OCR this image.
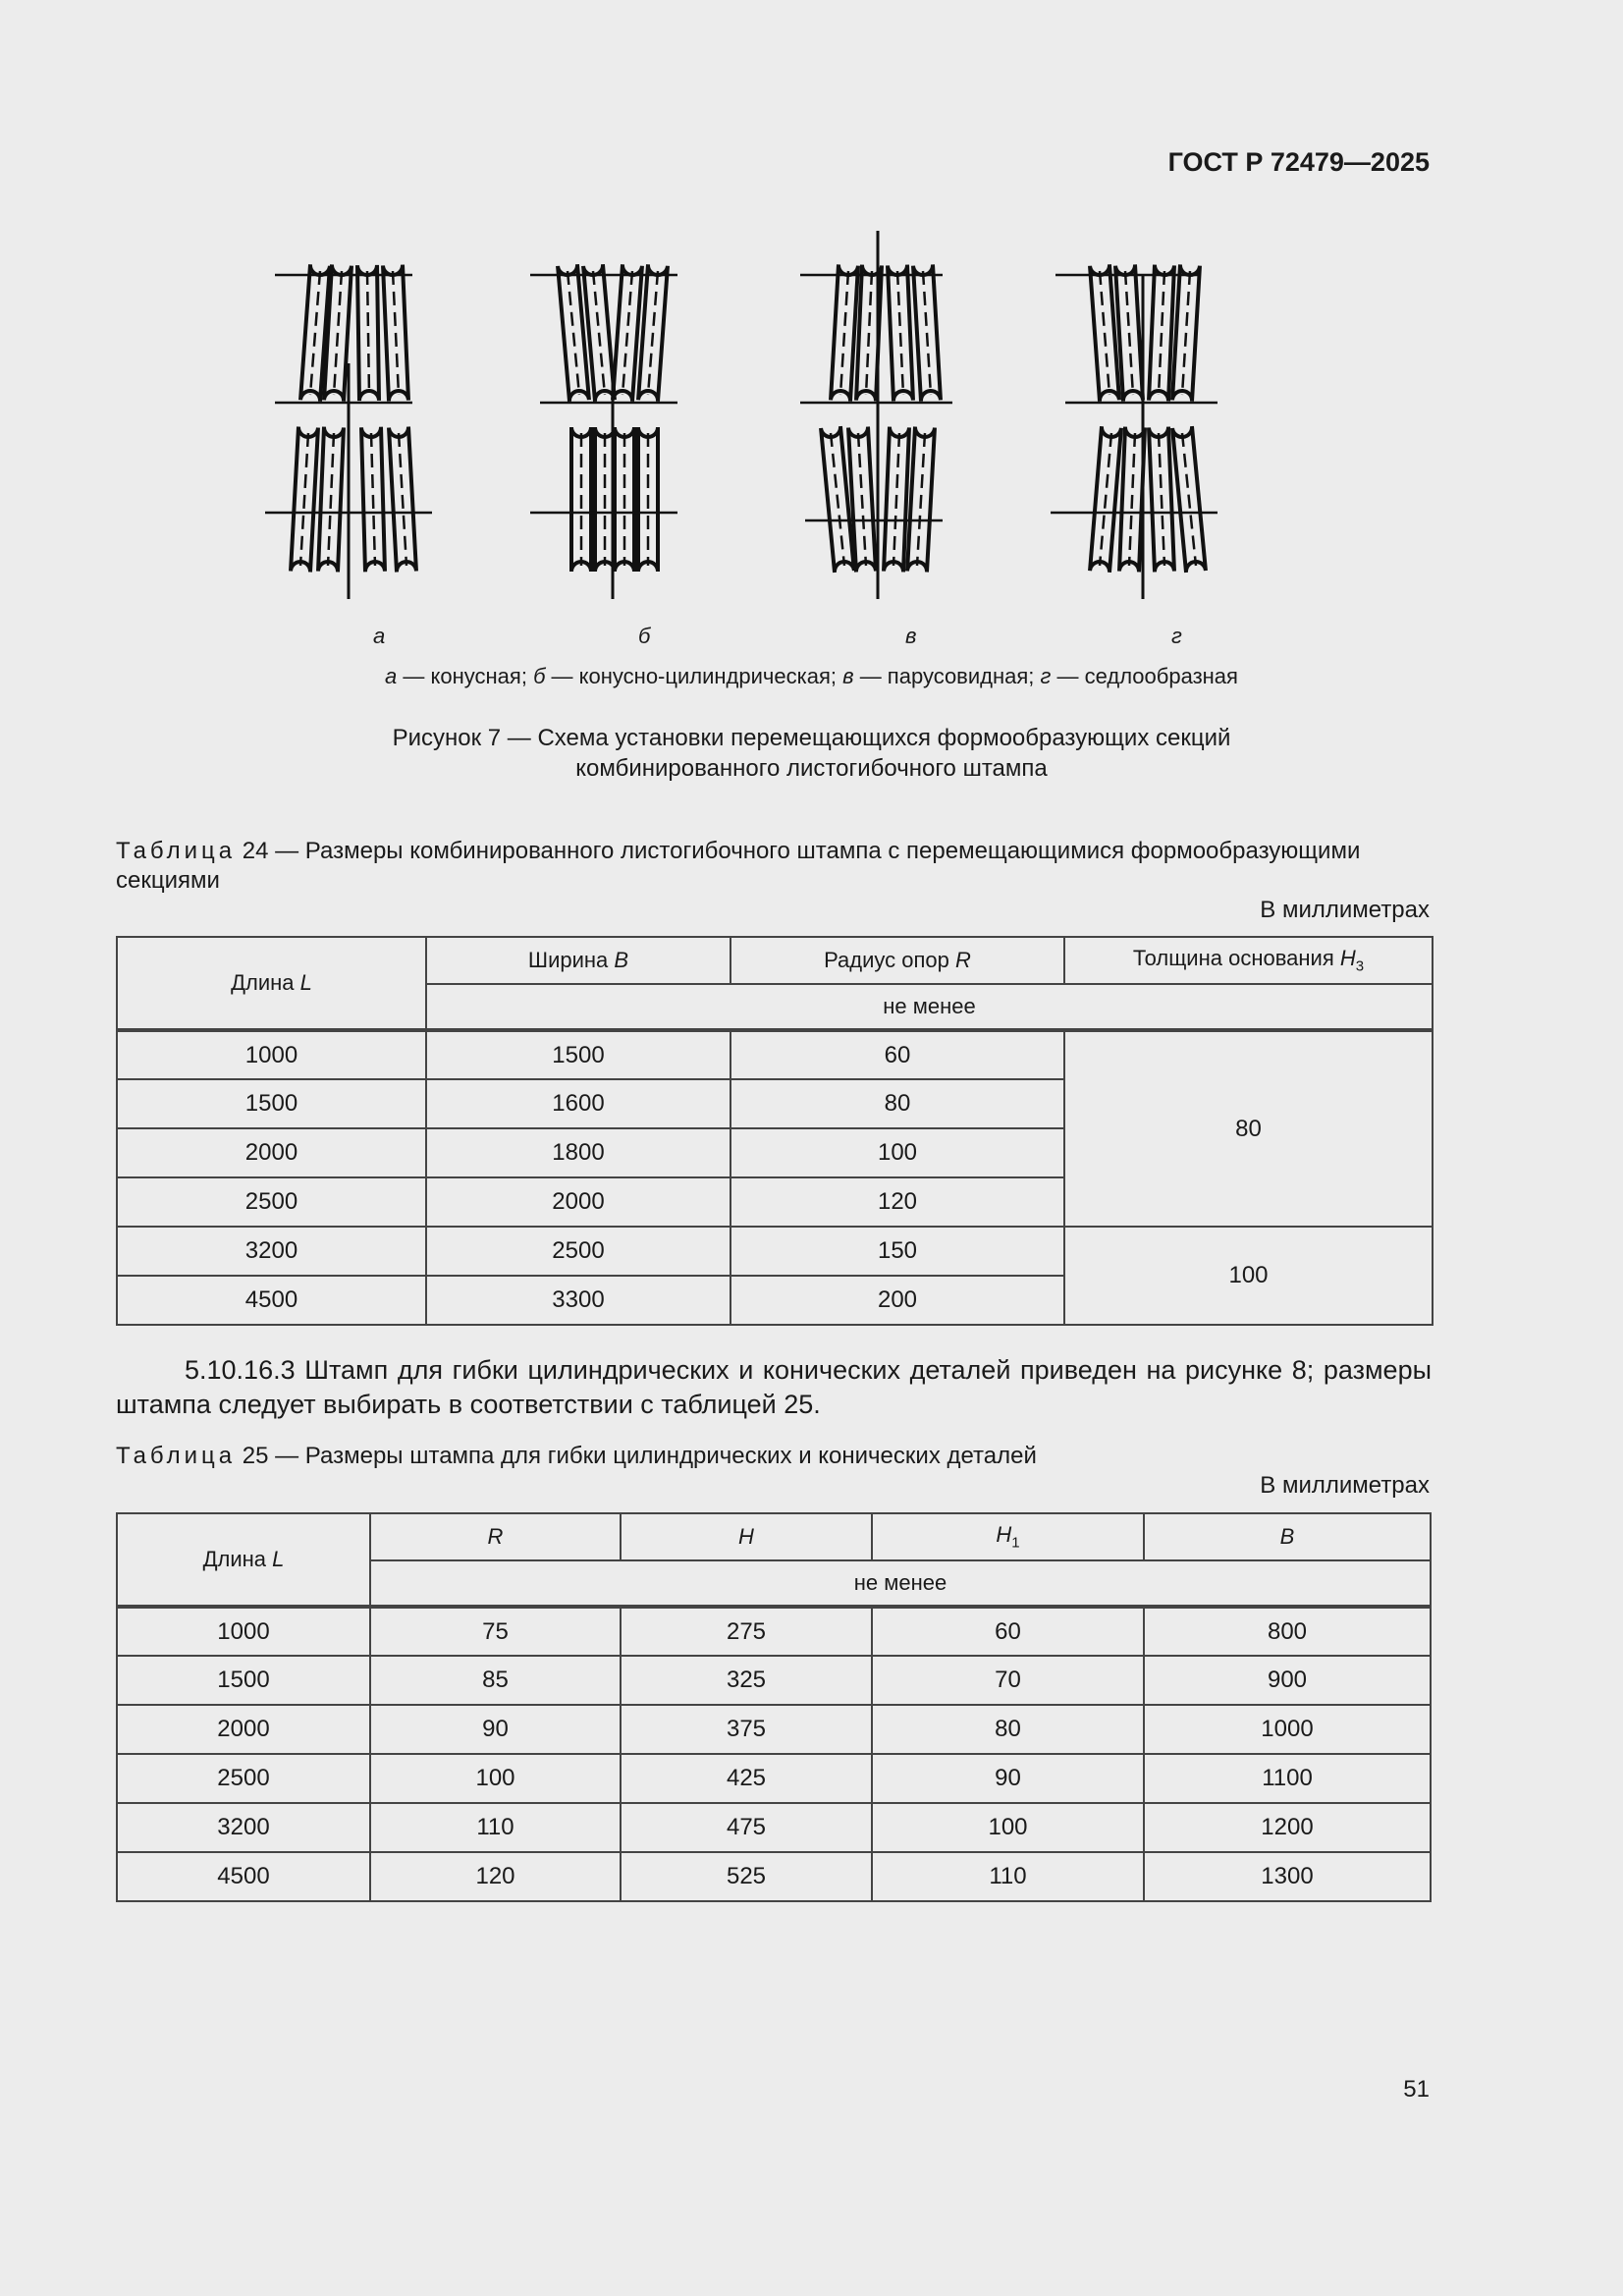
ГОСТ Р 72479—2025
а	б	в	г
а — конусная; б — конусно-цилиндрическая; в — парусовидная; г — седлообразная
Рисунок 7 — Схема установки перемещающихся формообразующих секций
комбинированного листогибочного штампа
Таблица 24 — Размеры комбинированного листогибочного штампа с перемещающимися формообразующими секциями
В миллиметрах
Длина L	Ширина B	Радиус опор R	Толщина основания $H_3$
	не менее		
1000	1500	60	80
1500	1600	80	
2000	1800	100	
2500	2000	120	
3200	2500	150	100
4500	3300	200	
5.10.16.3 Штамп для гибки цилиндрических и конических деталей приведен на рисунке 8; размеры штампа следует выбирать в соответствии с таблицей 25.
Таблица 25 — Размеры штампа для гибки цилиндрических и конических деталей
В миллиметрах
Длина L	R	H	$H_1$	B
	не менее			
1000	75	275	60	800
1500	85	325	70	900
2000	90	375	80	1000
2500	100	425	90	1100
3200	110	475	100	1200
4500	120	525	110	1300
51
